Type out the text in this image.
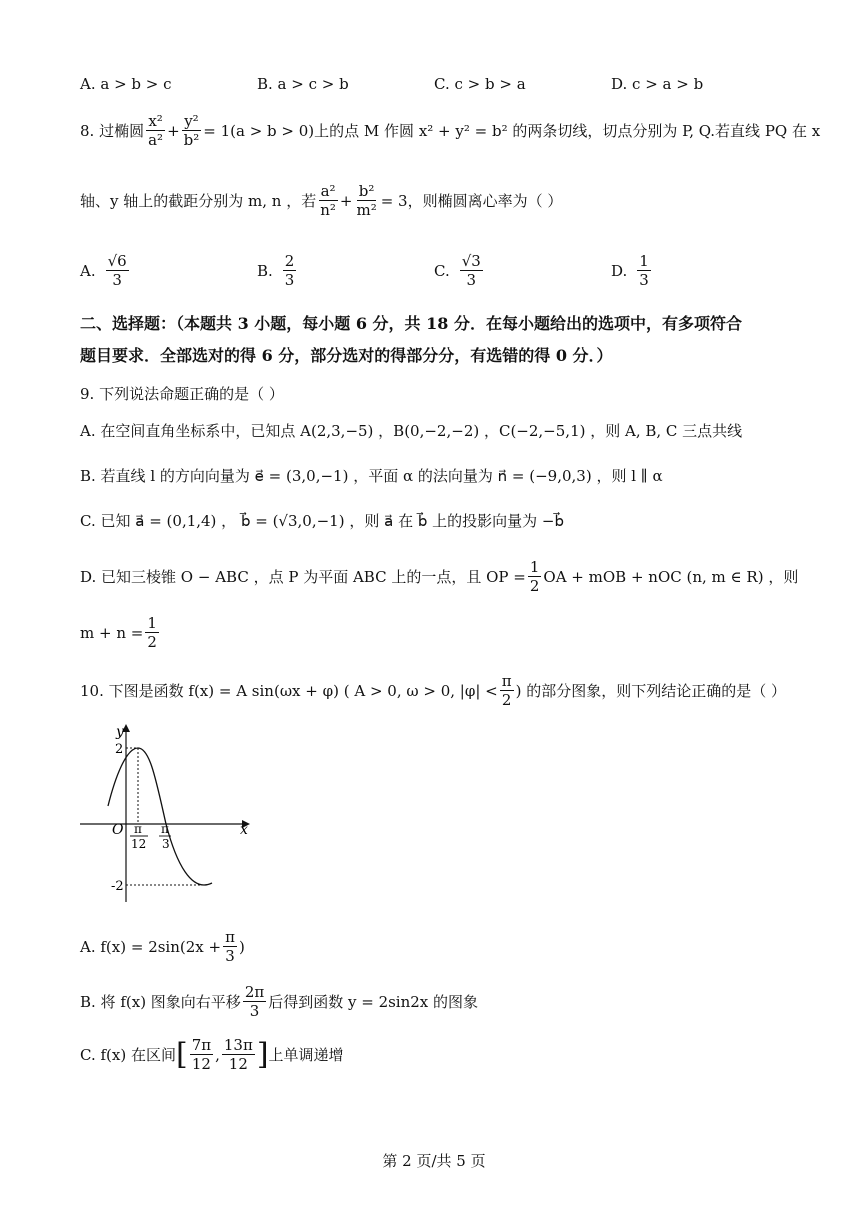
A. a > b > c	B. a > c > b	C. c > b > a	D. c > a > b
8. 过椭圆 $\frac{\text{x²}}{\text{a²}} + \frac{\text{y²}}{\text{b²}} = 1(a > b > 0)$ 上的点 M 作圆 x² + y² = b² 的两条切线，切点分别为 P, Q.若直线 PQ 在 x
轴、y 轴上的截距分别为 m, n ，若 $\frac{\text{a²}}{\text{n²}} + \frac{\text{b²}}{\text{m²}} = 3$ ，则椭圆离心率为（ ）
A. $\frac{√6}{3}$	B. $\frac{2}{3}$	C. $\frac{√3}{3}$	D. $\frac{1}{3}$
二、选择题：（本题共 3 小题，每小题 6 分，共 18 分．在每小题给出的选项中，有多项符合
题目要求．全部选对的得 6 分，部分选对的得部分分，有选错的得 0 分．）
9. 下列说法命题正确的是（ ）
A. 在空间直角坐标系中，已知点 A(2,3,−5) ，B(0,−2,−2) ，C(−2,−5,1) ，则 A, B, C 三点共线
B. 若直线 l 的方向向量为 e⃗ = (3,0,−1) ，平面 α 的法向量为 n⃗ = (−9,0,3) ，则 l ∥ α
C. 已知 a⃗ = (0,1,4) ， b⃗ = (√3,0,−1) ，则 a⃗ 在 b⃗ 上的投影向量为 −b⃗
D. 已知三棱锥 O − ABC ，点 P 为平面 ABC 上的一点，且 OP = $\frac{1}{2}$ OA + mOB + nOC (n, m ∈ R) ，则
$m + n = \frac{1}{2}$
10. 下图是函数 f(x) = A sin(ωx + φ) ( A > 0, ω > 0, $|\varphi| < \frac{\pi}{2}$ ) 的部分图象，则下列结论正确的是（ ）
y
2
O	x
π
12
π
3
-2
A. $f(x) = 2\sin(2x + \frac{\pi}{3}$ )
B. 将 f(x) 图象向右平移 $\frac{2\pi}{3}$ 后得到函数 y = 2sin2x 的图象
C. f(x) 在区间 [ $\frac{7\pi}{12}$ , $\frac{13\pi}{12}$ ] 上单调递增
第 2 页/共 5 页
